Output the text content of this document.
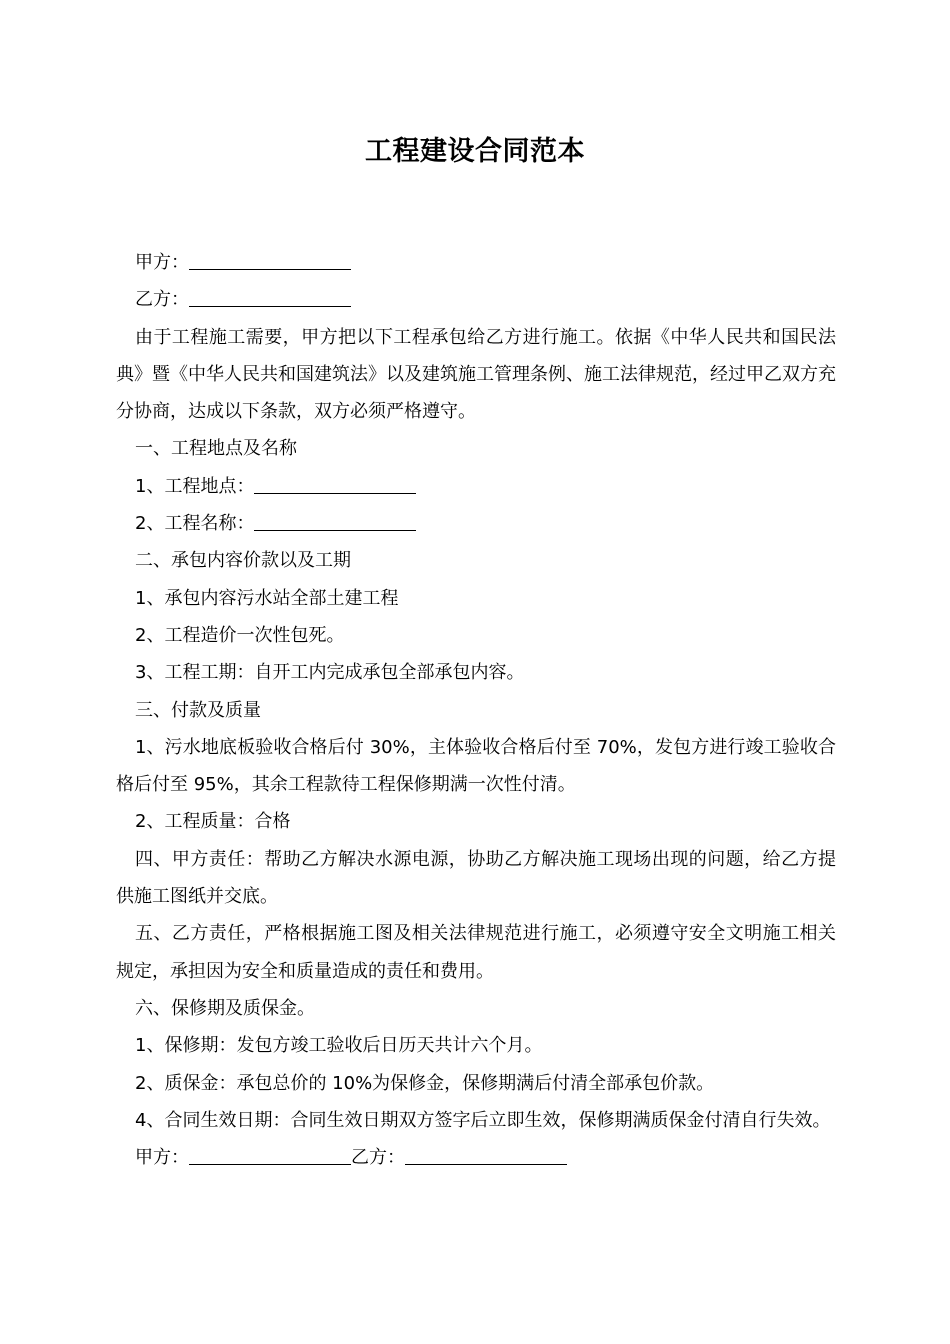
工程建设合同范本

甲方：

乙方：

由于工程施工需要，甲方把以下工程承包给乙方进行施工。依据《中华人民共和国民法典》暨《中华人民共和国建筑法》以及建筑施工管理条例、施工法律规范，经过甲乙双方充分协商，达成以下条款，双方必须严格遵守。

一、工程地点及名称

1、工程地点：

2、工程名称：

二、承包内容价款以及工期

1、承包内容污水站全部土建工程

2、工程造价一次性包死。

3、工程工期：自开工内完成承包全部承包内容。

三、付款及质量

1、污水地底板验收合格后付 30%，主体验收合格后付至 70%，发包方进行竣工验收合格后付至 95%，其余工程款待工程保修期满一次性付清。

2、工程质量：合格

四、甲方责任：帮助乙方解决水源电源，协助乙方解决施工现场出现的问题，给乙方提供施工图纸并交底。

五、乙方责任，严格根据施工图及相关法律规范进行施工，必须遵守安全文明施工相关规定，承担因为安全和质量造成的责任和费用。

六、保修期及质保金。

1、保修期：发包方竣工验收后日历天共计六个月。

2、质保金：承包总价的 10%为保修金，保修期满后付清全部承包价款。

4、合同生效日期：合同生效日期双方签字后立即生效，保修期满质保金付清自行失效。

甲方：	乙方：
